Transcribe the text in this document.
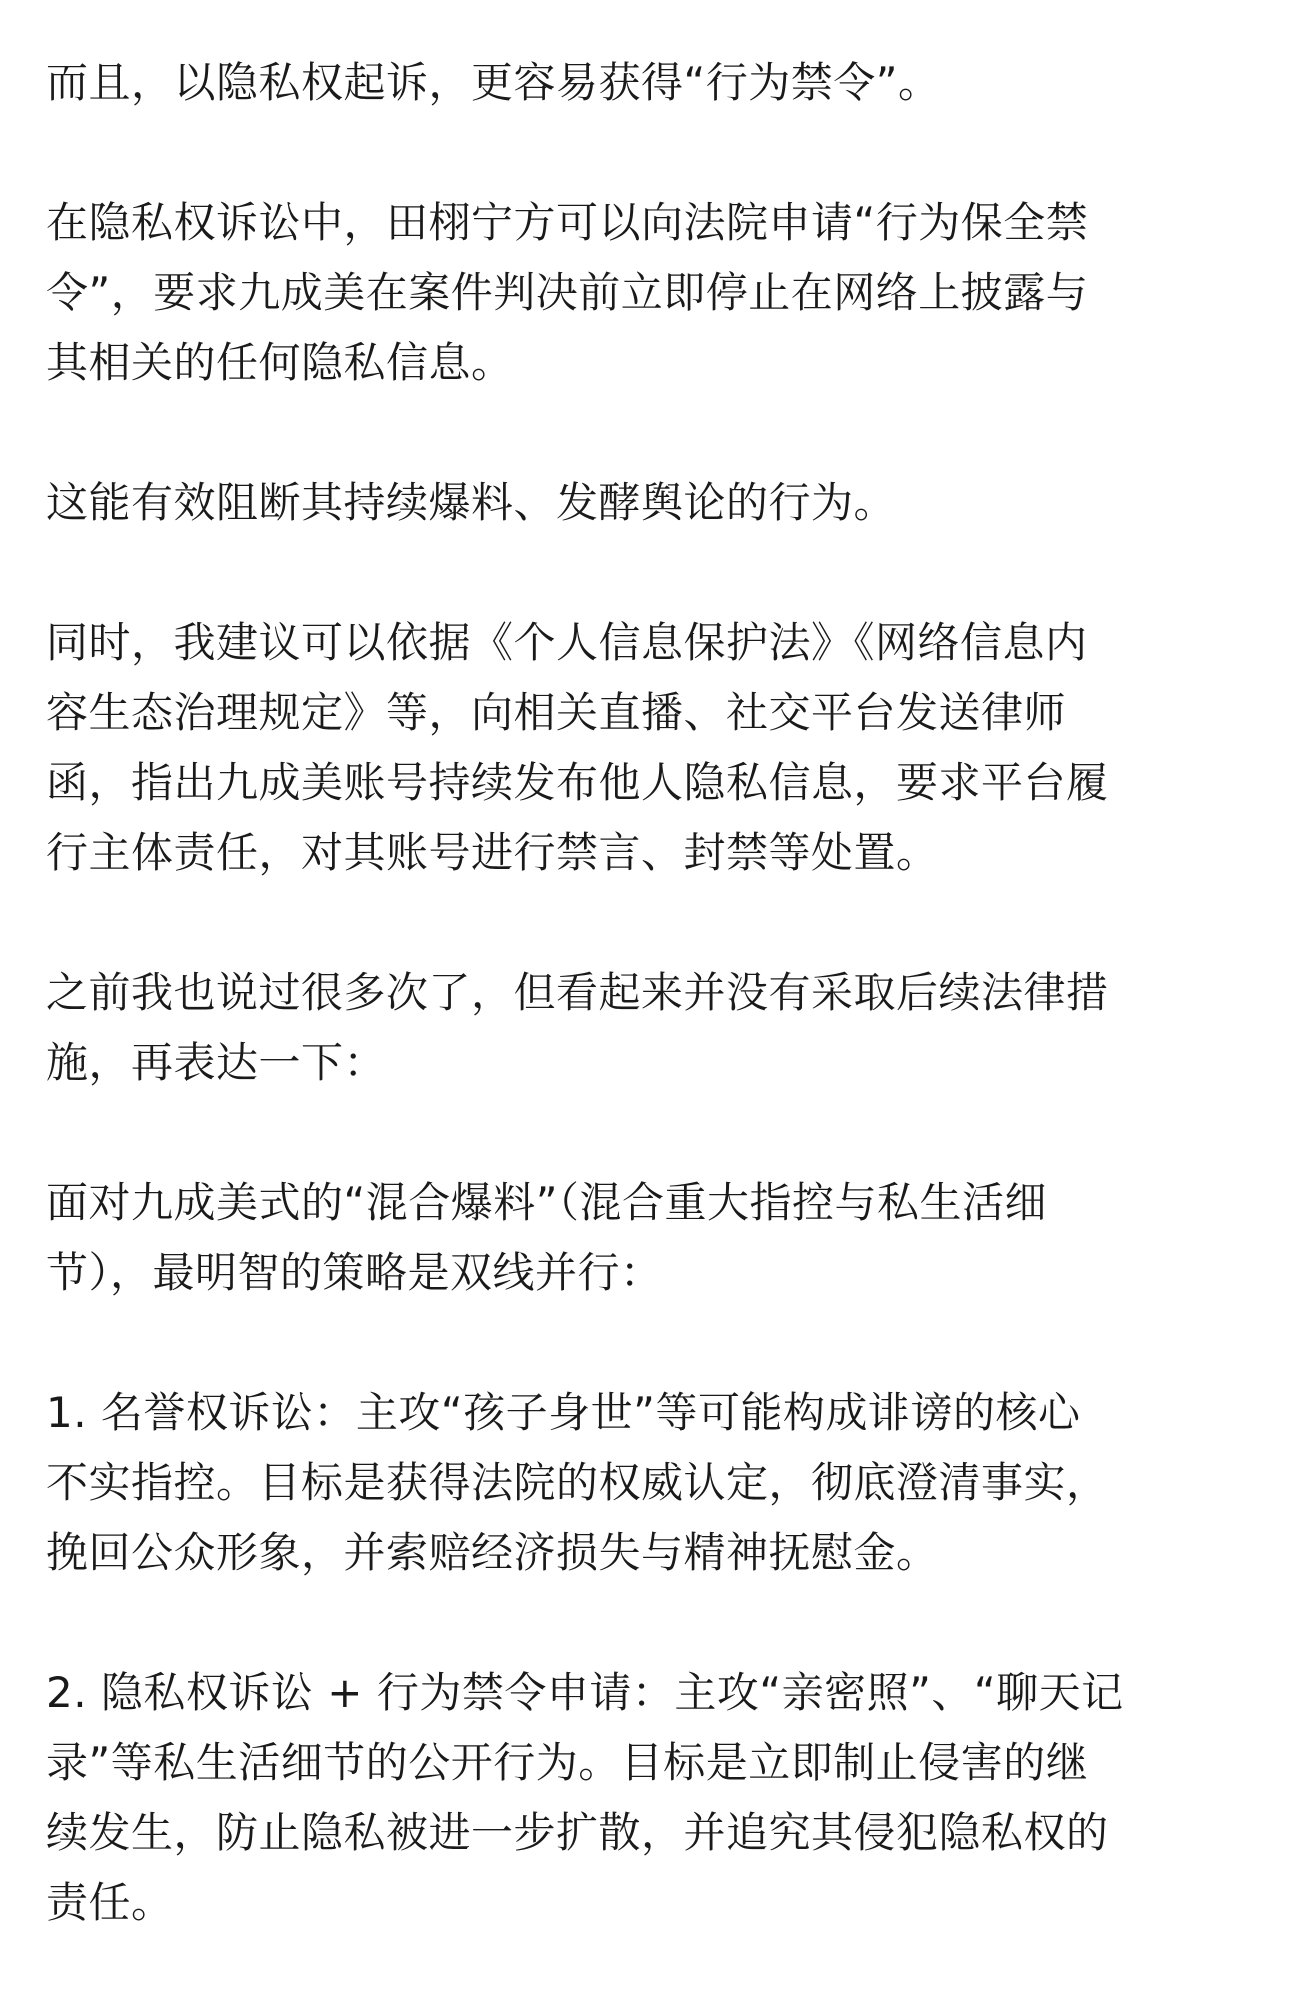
而且，以隐私权起诉，更容易获得“行为禁令”。

在隐私权诉讼中，田栩宁方可以向法院申请“行为保全禁
令”，要求九成美在案件判决前立即停止在网络上披露与
其相关的任何隐私信息。

这能有效阻断其持续爆料、发酵舆论的行为。

同时，我建议可以依据《个人信息保护法》《网络信息内
容生态治理规定》等，向相关直播、社交平台发送律师
函，指出九成美账号持续发布他人隐私信息，要求平台履
行主体责任，对其账号进行禁言、封禁等处置。

之前我也说过很多次了，但看起来并没有采取后续法律措
施，再表达一下：

面对九成美式的“混合爆料”（混合重大指控与私生活细
节），最明智的策略是双线并行：

1. 名誉权诉讼：主攻“孩子身世”等可能构成诽谤的核心
不实指控。目标是获得法院的权威认定，彻底澄清事实，
挽回公众形象，并索赔经济损失与精神抚慰金。

2. 隐私权诉讼 + 行为禁令申请：主攻“亲密照”、“聊天记
录”等私生活细节的公开行为。目标是立即制止侵害的继
续发生，防止隐私被进一步扩散，并追究其侵犯隐私权的
责任。
